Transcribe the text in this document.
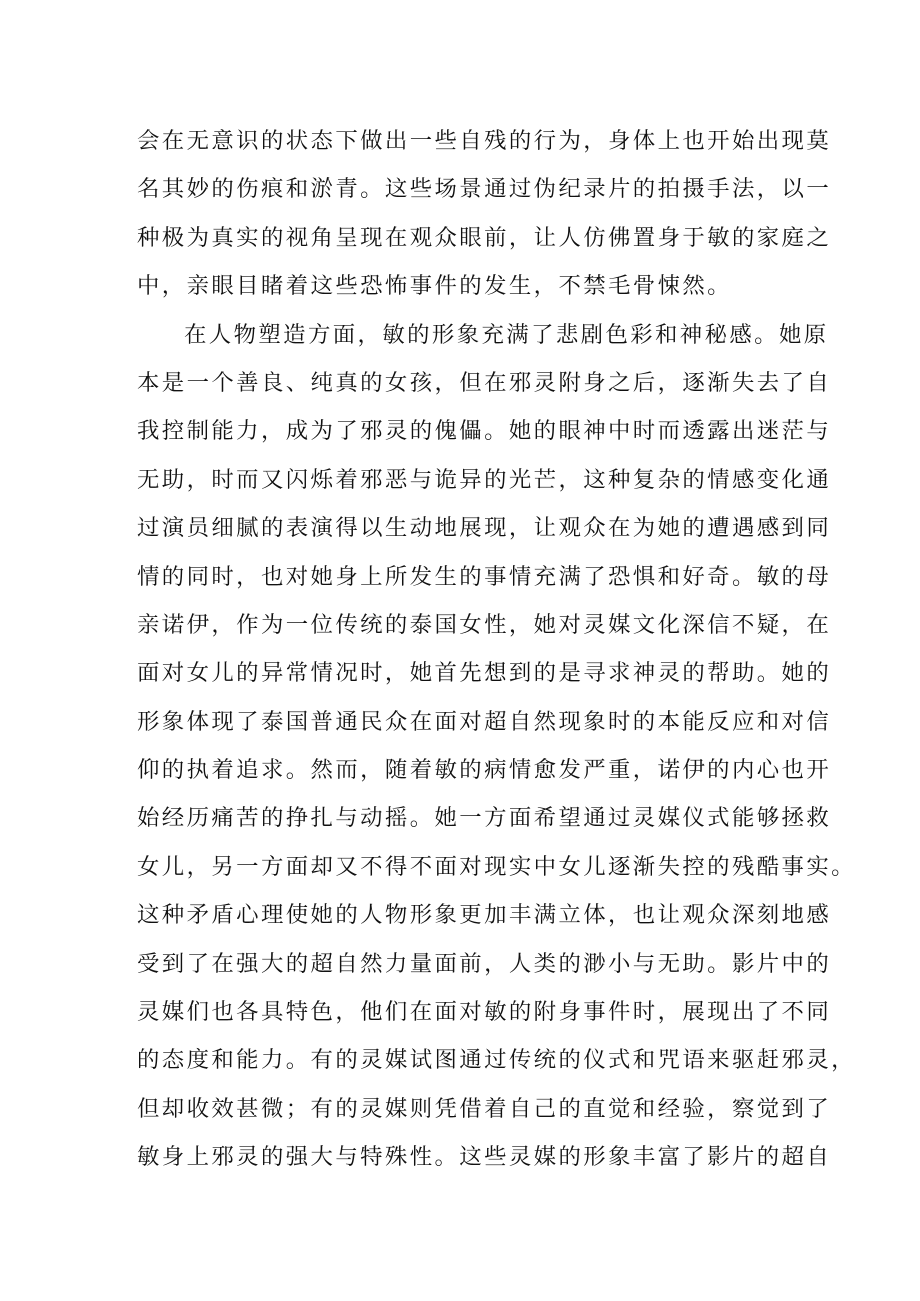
会在无意识的状态下做出一些自残的行为，身体上也开始出现莫
名其妙的伤痕和淤青。这些场景通过伪纪录片的拍摄手法，以一
种极为真实的视角呈现在观众眼前，让人仿佛置身于敏的家庭之
中，亲眼目睹着这些恐怖事件的发生，不禁毛骨悚然。
在人物塑造方面，敏的形象充满了悲剧色彩和神秘感。她原
本是一个善良、纯真的女孩，但在邪灵附身之后，逐渐失去了自
我控制能力，成为了邪灵的傀儡。她的眼神中时而透露出迷茫与
无助，时而又闪烁着邪恶与诡异的光芒，这种复杂的情感变化通
过演员细腻的表演得以生动地展现，让观众在为她的遭遇感到同
情的同时，也对她身上所发生的事情充满了恐惧和好奇。敏的母
亲诺伊，作为一位传统的泰国女性，她对灵媒文化深信不疑，在
面对女儿的异常情况时，她首先想到的是寻求神灵的帮助。她的
形象体现了泰国普通民众在面对超自然现象时的本能反应和对信
仰的执着追求。然而，随着敏的病情愈发严重，诺伊的内心也开
始经历痛苦的挣扎与动摇。她一方面希望通过灵媒仪式能够拯救
女儿，另一方面却又不得不面对现实中女儿逐渐失控的残酷事实。
这种矛盾心理使她的人物形象更加丰满立体，也让观众深刻地感
受到了在强大的超自然力量面前，人类的渺小与无助。影片中的
灵媒们也各具特色，他们在面对敏的附身事件时，展现出了不同
的态度和能力。有的灵媒试图通过传统的仪式和咒语来驱赶邪灵，
但却收效甚微；有的灵媒则凭借着自己的直觉和经验，察觉到了
敏身上邪灵的强大与特殊性。这些灵媒的形象丰富了影片的超自
